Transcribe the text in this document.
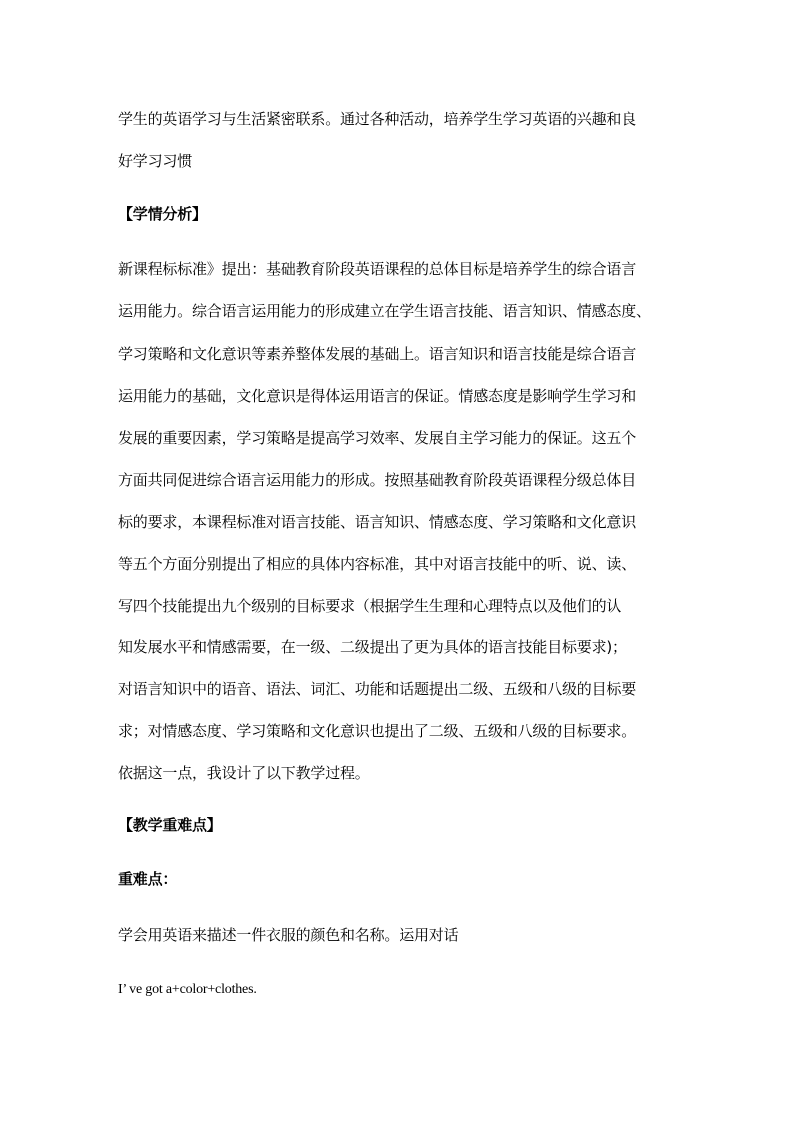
学生的英语学习与生活紧密联系。通过各种活动，培养学生学习英语的兴趣和良
好学习习惯
【学情分析】
新课程标标准》提出：基础教育阶段英语课程的总体目标是培养学生的综合语言
运用能力。综合语言运用能力的形成建立在学生语言技能、语言知识、情感态度、
学习策略和文化意识等素养整体发展的基础上。语言知识和语言技能是综合语言
运用能力的基础，文化意识是得体运用语言的保证。情感态度是影响学生学习和
发展的重要因素，学习策略是提高学习效率、发展自主学习能力的保证。这五个
方面共同促进综合语言运用能力的形成。按照基础教育阶段英语课程分级总体目
标的要求，本课程标准对语言技能、语言知识、情感态度、学习策略和文化意识
等五个方面分别提出了相应的具体内容标准，其中对语言技能中的听、说、读、
写四个技能提出九个级别的目标要求（根据学生生理和心理特点以及他们的认
知发展水平和情感需要，在一级、二级提出了更为具体的语言技能目标要求)；
对语言知识中的语音、语法、词汇、功能和话题提出二级、五级和八级的目标要
求；对情感态度、学习策略和文化意识也提出了二级、五级和八级的目标要求。
依据这一点，我设计了以下教学过程。
【教学重难点】
重难点：
学会用英语来描述一件衣服的颜色和名称。运用对话
I’ ve got a+color+clothes.
